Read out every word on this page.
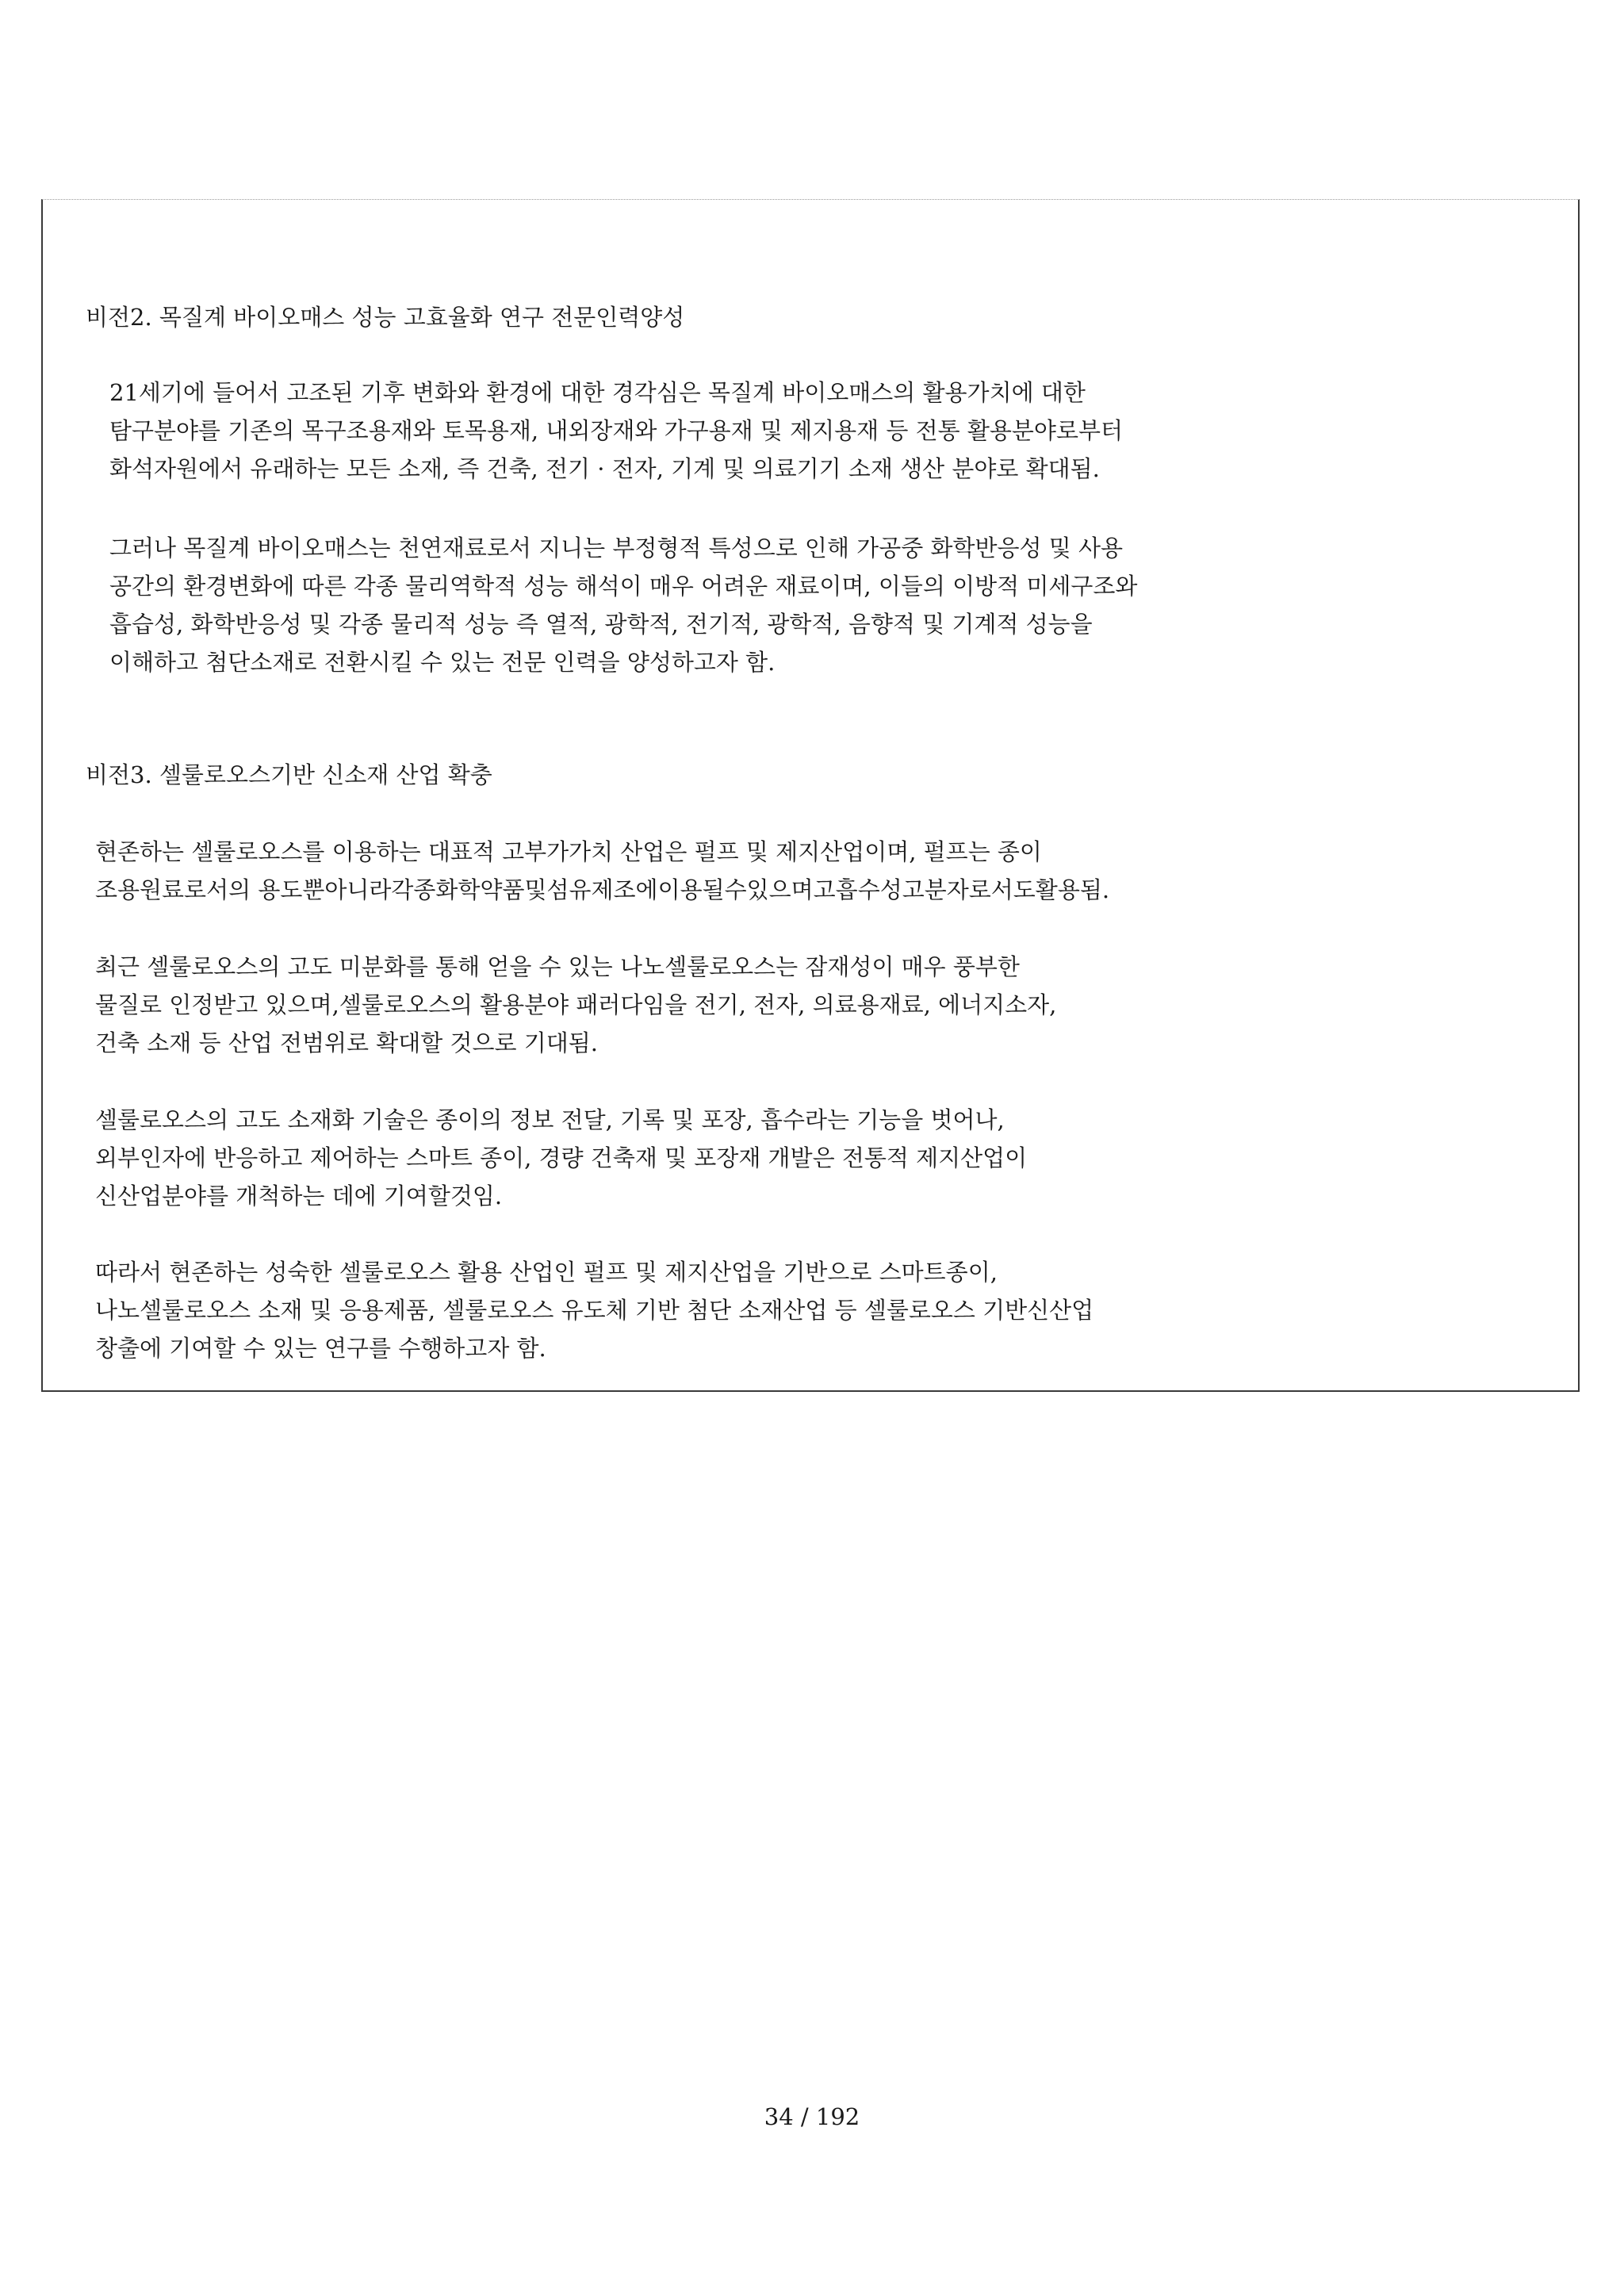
비전2. 목질계 바이오매스 성능 고효율화 연구 전문인력양성

21세기에 들어서 고조된 기후 변화와 환경에 대한 경각심은 목질계 바이오매스의 활용가치에 대한
탐구분야를 기존의 목구조용재와 토목용재, 내외장재와 가구용재 및 제지용재 등 전통 활용분야로부터
화석자원에서 유래하는 모든 소재, 즉 건축, 전기 · 전자, 기계 및 의료기기 소재 생산 분야로 확대됨.

그러나 목질계 바이오매스는 천연재료로서 지니는 부정형적 특성으로 인해 가공중 화학반응성 및 사용
공간의 환경변화에 따른 각종 물리역학적 성능 해석이 매우 어려운 재료이며, 이들의 이방적 미세구조와
흡습성, 화학반응성 및 각종 물리적 성능 즉 열적, 광학적, 전기적, 광학적, 음향적 및 기계적 성능을
이해하고 첨단소재로 전환시킬 수 있는 전문 인력을 양성하고자 함.

비전3. 셀룰로오스기반 신소재 산업 확충

현존하는 셀룰로오스를 이용하는 대표적 고부가가치 산업은 펄프 및 제지산업이며, 펄프는 종이
조용원료로서의 용도뿐아니라각종화학약품및섬유제조에이용될수있으며고흡수성고분자로서도활용됨.

최근 셀룰로오스의 고도 미분화를 통해 얻을 수 있는 나노셀룰로오스는 잠재성이 매우 풍부한
물질로 인정받고 있으며,셀룰로오스의 활용분야 패러다임을 전기, 전자, 의료용재료, 에너지소자,
건축 소재 등 산업 전범위로 확대할 것으로 기대됨.

셀룰로오스의 고도 소재화 기술은 종이의 정보 전달, 기록 및 포장, 흡수라는 기능을 벗어나,
외부인자에 반응하고 제어하는 스마트 종이, 경량 건축재 및 포장재 개발은 전통적 제지산업이
신산업분야를 개척하는 데에 기여할것임.

따라서 현존하는 성숙한 셀룰로오스 활용 산업인 펄프 및 제지산업을 기반으로 스마트종이,
나노셀룰로오스 소재 및 응용제품, 셀룰로오스 유도체 기반 첨단 소재산업 등 셀룰로오스 기반신산업
창출에 기여할 수 있는 연구를 수행하고자 함.

34 / 192
